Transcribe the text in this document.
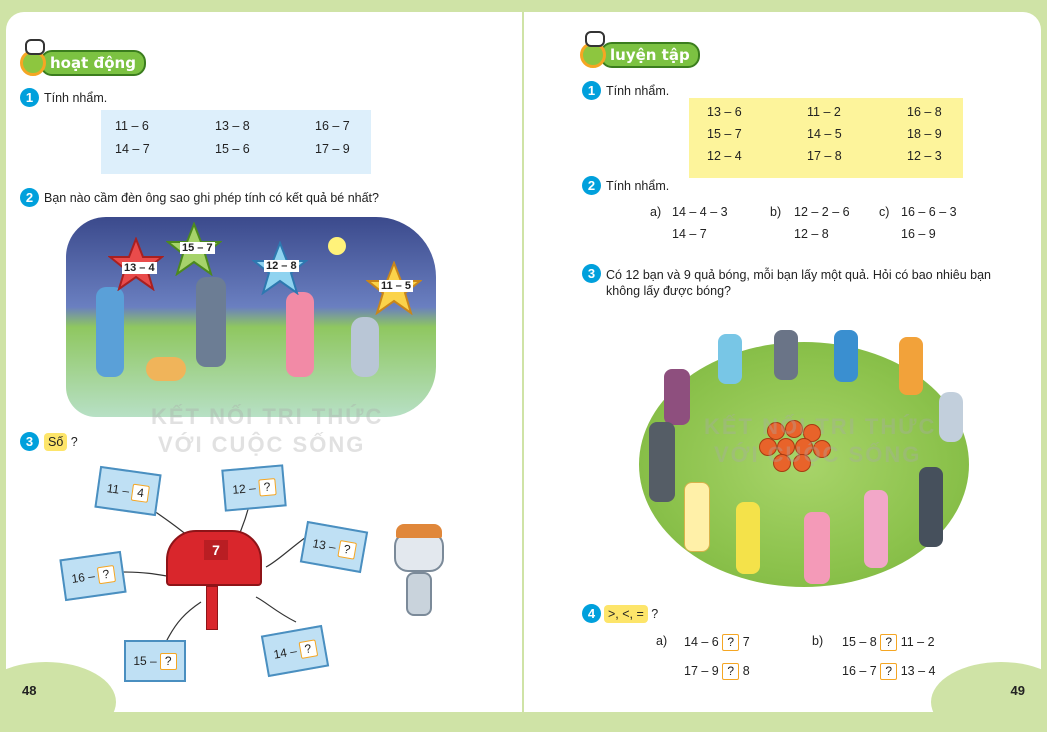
hoạt động
1 Tính nhẩm.
11 – 6	13 – 8	16 – 7
14 – 7	15 – 6	17 – 9
2 Bạn nào cầm đèn ông sao ghi phép tính có kết quả bé nhất?
13 – 4
15 – 7
12 – 8
11 – 5
KẾT NỐI TRI THỨC
VỚI CUỘC SỐNG
3	Số ?
7
11 – 4	12 – ?
13 – ?
16 – ?
15 – ?	14 – ?
48
luyện tập
1 Tính nhẩm.
13 – 6	11 – 2	16 – 8
15 – 7	14 – 5	18 – 9
12 – 4	17 – 8	12 – 3
2 Tính nhẩm.
a) 14 – 4 – 3
14 – 7
b) 12 – 2 – 6
12 – 8
c) 16 – 6 – 3
16 – 9
3 Có 12 bạn và 9 quả bóng, mỗi bạn lấy một quả. Hỏi có bao nhiêu bạn
không lấy được bóng?
KẾT NỐI TRI THỨC
VỚI CUỘC SỐNG
4	>, <, = ?
a) 14 – 6 ? 7
17 – 9 ? 8
b) 15 – 8 ? 11 – 2
16 – 7 ? 13 – 4
49
